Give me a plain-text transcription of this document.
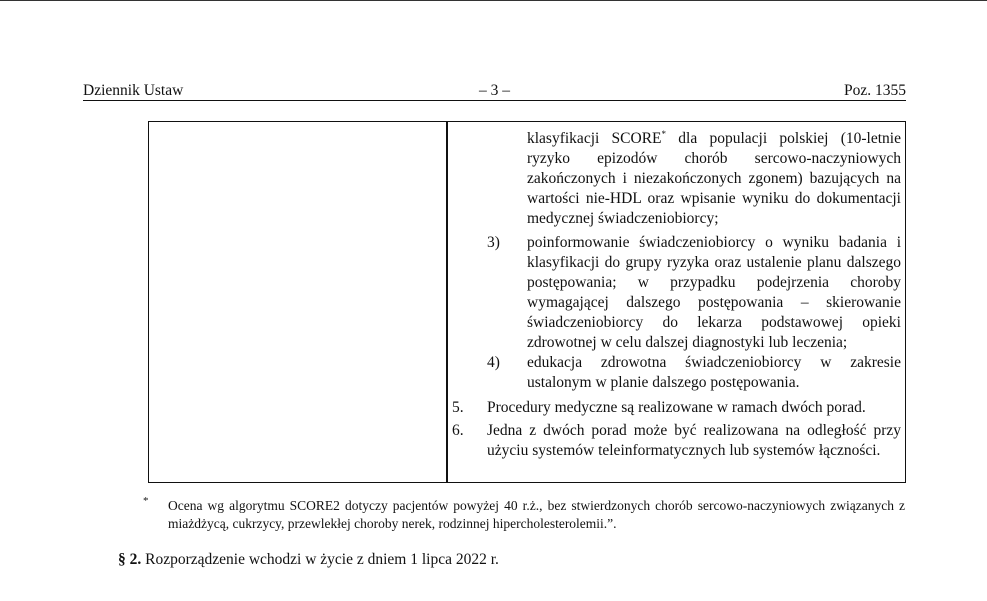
Dziennik Ustaw	– 3 –	Poz. 1355
klasyfikacji SCORE* dla populacji polskiej (10-letnie ryzyko epizodów chorób sercowo-naczyniowych zakończonych i niezakończonych zgonem) bazujących na wartości nie-HDL oraz wpisanie wyniku do dokumentacji medycznej świadczeniobiorcy;
3) poinformowanie świadczeniobiorcy o wyniku badania i klasyfikacji do grupy ryzyka oraz ustalenie planu dalszego postępowania; w przypadku podejrzenia choroby wymagającej dalszego postępowania – skierowanie świadczeniobiorcy do lekarza podstawowej opieki zdrowotnej w celu dalszej diagnostyki lub leczenia;
4) edukacja zdrowotna świadczeniobiorcy w zakresie ustalonym w planie dalszego postępowania.
5. Procedury medyczne są realizowane w ramach dwóch porad.
6. Jedna z dwóch porad może być realizowana na odległość przy użyciu systemów teleinformatycznych lub systemów łączności.
* Ocena wg algorytmu SCORE2 dotyczy pacjentów powyżej 40 r.ż., bez stwierdzonych chorób sercowo-naczyniowych związanych z miażdżycą, cukrzycy, przewlekłej choroby nerek, rodzinnej hipercholesterolemii.”.
§ 2. Rozporządzenie wchodzi w życie z dniem 1 lipca 2022 r.
